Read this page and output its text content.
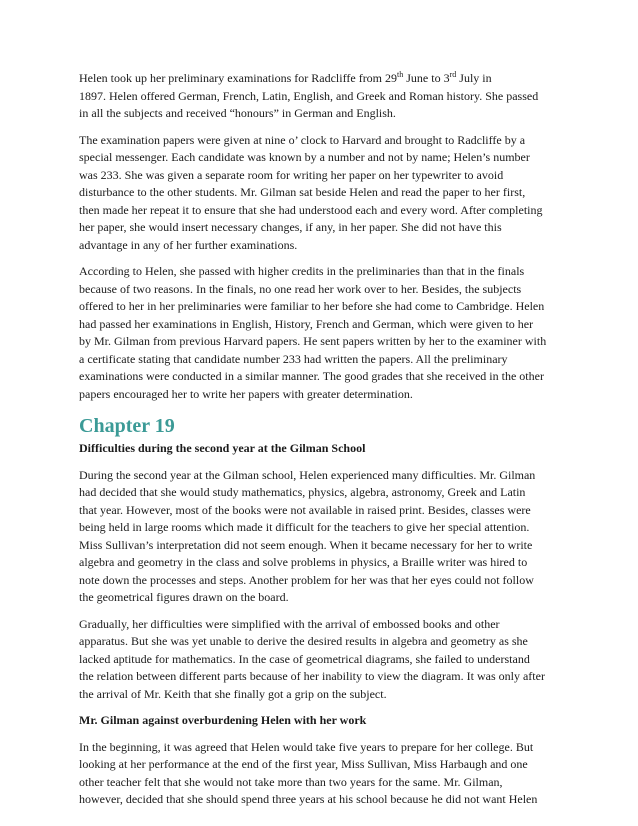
Helen took up her preliminary examinations for Radcliffe from 29th June to 3rd July in
1897. Helen offered German, French, Latin, English, and Greek and Roman history. She passed
in all the subjects and received “honours” in German and English.
The examination papers were given at nine o’ clock to Harvard and brought to Radcliffe by a
special messenger. Each candidate was known by a number and not by name; Helen’s number
was 233. She was given a separate room for writing her paper on her typewriter to avoid
disturbance to the other students. Mr. Gilman sat beside Helen and read the paper to her first,
then made her repeat it to ensure that she had understood each and every word. After completing
her paper, she would insert necessary changes, if any, in her paper. She did not have this
advantage in any of her further examinations.
According to Helen, she passed with higher credits in the preliminaries than that in the finals
because of two reasons. In the finals, no one read her work over to her. Besides, the subjects
offered to her in her preliminaries were familiar to her before she had come to Cambridge. Helen
had passed her examinations in English, History, French and German, which were given to her
by Mr. Gilman from previous Harvard papers. He sent papers written by her to the examiner with
a certificate stating that candidate number 233 had written the papers. All the preliminary
examinations were conducted in a similar manner. The good grades that she received in the other
papers encouraged her to write her papers with greater determination.
Chapter 19
Difficulties during the second year at the Gilman School
During the second year at the Gilman school, Helen experienced many difficulties. Mr. Gilman
had decided that she would study mathematics, physics, algebra, astronomy, Greek and Latin
that year. However, most of the books were not available in raised print. Besides, classes were
being held in large rooms which made it difficult for the teachers to give her special attention.
Miss Sullivan’s interpretation did not seem enough. When it became necessary for her to write
algebra and geometry in the class and solve problems in physics, a Braille writer was hired to
note down the processes and steps. Another problem for her was that her eyes could not follow
the geometrical figures drawn on the board.
Gradually, her difficulties were simplified with the arrival of embossed books and other
apparatus. But she was yet unable to derive the desired results in algebra and geometry as she
lacked aptitude for mathematics. In the case of geometrical diagrams, she failed to understand
the relation between different parts because of her inability to view the diagram. It was only after
the arrival of Mr. Keith that she finally got a grip on the subject.
Mr. Gilman against overburdening Helen with her work
In the beginning, it was agreed that Helen would take five years to prepare for her college. But
looking at her performance at the end of the first year, Miss Sullivan, Miss Harbaugh and one
other teacher felt that she would not take more than two years for the same. Mr. Gilman,
however, decided that she should spend three years at his school because he did not want Helen
